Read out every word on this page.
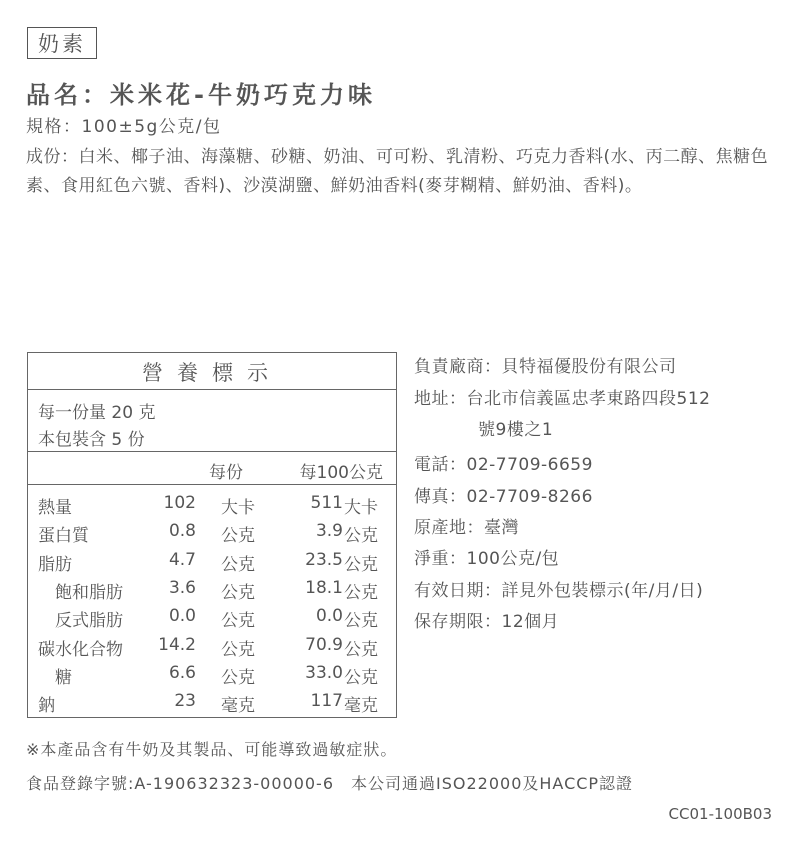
奶素
品名：米米花-牛奶巧克力味
規格：100±5g公克/包
成份：白米、椰子油、海藻糖、砂糖、奶油、可可粉、乳清粉、巧克力香料(水、丙二醇、焦糖色素、食用紅色六號、香料)、沙漠湖鹽、鮮奶油香料(麥芽糊精、鮮奶油、香料)。
營養標示
每一份量 20 克
本包裝含 5 份
每份	每100公克
熱量	102 大卡	511 大卡
蛋白質	0.8 公克	3.9 公克
脂肪	4.7 公克	23.5 公克
　飽和脂肪	3.6 公克	18.1 公克
　反式脂肪	0.0 公克	0.0 公克
碳水化合物 14.2 公克	70.9 公克
　糖	6.6 公克	33.0 公克
鈉	23 毫克	117 毫克
負責廠商：貝特福優股份有限公司
地址：台北市信義區忠孝東路四段512
號9樓之1
電話：02-7709-6659
傳真：02-7709-8266
原產地：臺灣
淨重：100公克/包
有效日期：詳見外包裝標示(年/月/日)
保存期限：12個月
※本產品含有牛奶及其製品、可能導致過敏症狀。
食品登錄字號:A-190632323-00000-6　本公司通過ISO22000及HACCP認證
CC01-100B03
